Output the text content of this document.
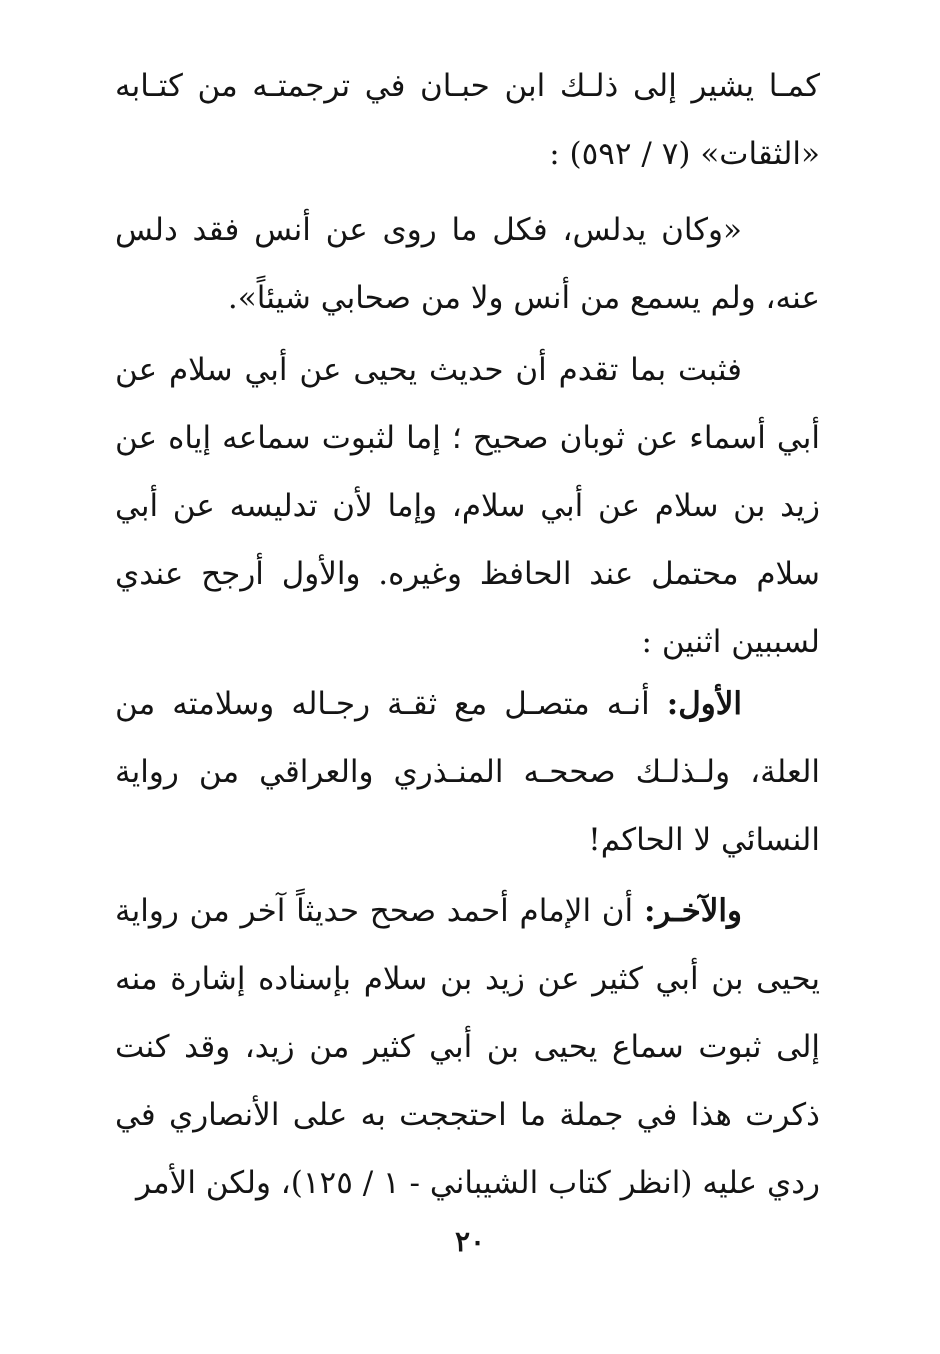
كمـا يشير إلى ذلـك ابن حبـان في ترجمتـه من كتـابه «الثقات» (٧ / ٥٩٢) :

«وكان يدلس، فكل ما روى عن أنس فقد دلس عنه، ولم يسمع من أنس ولا من صحابي شيئاً».

فثبت بما تقدم أن حديث يحيى عن أبي سلام عن أبي أسماء عن ثوبان صحيح ؛ إما لثبوت سماعه إياه عن زيد بن سلام عن أبي سلام، وإما لأن تدليسه عن أبي سلام محتمل عند الحافظ وغيره. والأول أرجح عندي لسببين اثنين :

الأول: أنـه متصـل مع ثقـة رجـاله وسلامته من العلة، ولـذلـك صححـه المنـذري والعراقي من رواية النسائي لا الحاكم!

والآخـر: أن الإمام أحمد صحح حديثاً آخر من رواية يحيى بن أبي كثير عن زيد بن سلام بإسناده إشارة منه إلى ثبوت سماع يحيى بن أبي كثير من زيد، وقد كنت ذكرت هذا في جملة ما احتججت به على الأنصاري في ردي عليه (انظر كتاب الشيباني - ١ / ١٢٥)، ولكن الأمر

٢٠
